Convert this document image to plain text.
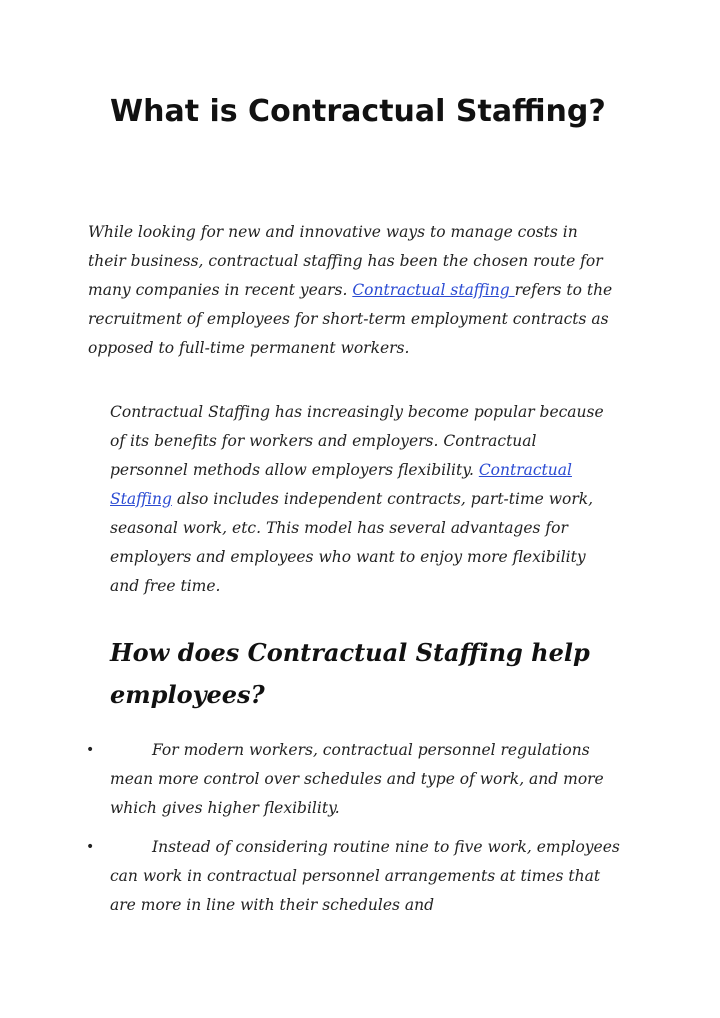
What is Contractual Staffing?

While looking for new and innovative ways to manage costs in their business, contractual staffing has been the chosen route for many companies in recent years. Contractual staffing refers to the recruitment of employees for short-term employment contracts as opposed to full-time permanent workers.

Contractual Staffing has increasingly become popular because of its benefits for workers and employers. Contractual personnel methods allow employers flexibility. Contractual Staffing also includes independent contracts, part-time work, seasonal work, etc. This model has several advantages for employers and employees who want to enjoy more flexibility and free time.

How does Contractual Staffing help employees?

•	For modern workers, contractual personnel regulations mean more control over schedules and type of work, and more which gives higher flexibility.

•	Instead of considering routine nine to five work, employees can work in contractual personnel arrangements at times that are more in line with their schedules and
